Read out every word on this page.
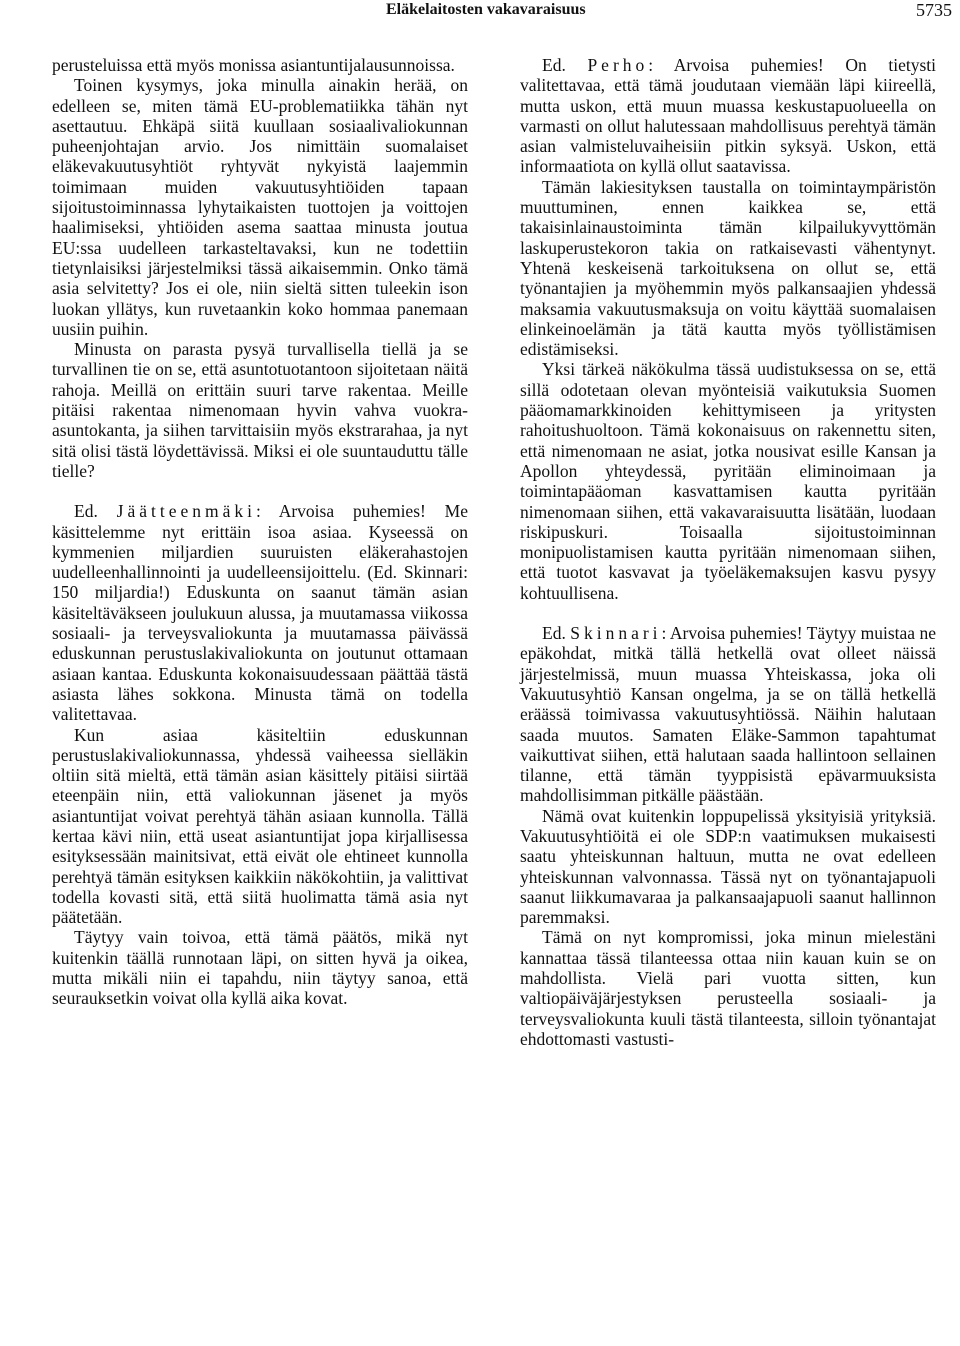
Eläkelaitosten vakavaraisuus	5735

perusteluissa että myös monissa asiantuntijalausunnoissa.

Toinen kysymys, joka minulla ainakin herää, on edelleen se, miten tämä EU-problematiikka tähän nyt asettautuu. Ehkäpä siitä kuullaan sosiaalivaliokunnan puheenjohtajan arvio. Jos nimittäin suomalaiset eläkevakuutusyhtiöt ryhtyvät nykyistä laajemmin toimimaan muiden vakuutusyhtiöiden tapaan sijoitustoiminnassa lyhytaikaisten tuottojen ja voittojen haalimiseksi, yhtiöiden asema saattaa minusta joutua EU:ssa uudelleen tarkasteltavaksi, kun ne todettiin tietynlaisiksi järjestelmiksi tässä aikaisemmin. Onko tämä asia selvitetty? Jos ei ole, niin sieltä sitten tuleekin ison luokan yllätys, kun ruvetaankin koko hommaa panemaan uusiin puihin.

Minusta on parasta pysyä turvallisella tiellä ja se turvallinen tie on se, että asuntotuotantoon sijoitetaan näitä rahoja. Meillä on erittäin suuri tarve rakentaa. Meille pitäisi rakentaa nimenomaan hyvin vahva vuokra-asuntokanta, ja siihen tarvittaisiin myös ekstrarahaa, ja nyt sitä olisi tästä löydettävissä. Miksi ei ole suuntauduttu tälle tielle?

Ed. Jäätteenmäki: Arvoisa puhemies! Me käsittelemme nyt erittäin isoa asiaa. Kyseessä on kymmenien miljardien suuruisten eläkerahastojen uudelleenhallinnointi ja uudelleensijoittelu. (Ed. Skinnari: 150 miljardia!) Eduskunta on saanut tämän asian käsiteltäväkseen joulukuun alussa, ja muutamassa viikossa sosiaali- ja terveysvaliokunta ja muutamassa päivässä eduskunnan perustuslakivaliokunta on joutunut ottamaan asiaan kantaa. Eduskunta kokonaisuudessaan päättää tästä asiasta lähes sokkona. Minusta tämä on todella valitettavaa.

Kun asiaa käsiteltiin eduskunnan perustuslakivaliokunnassa, yhdessä vaiheessa sielläkin oltiin sitä mieltä, että tämän asian käsittely pitäisi siirtää eteenpäin niin, että valiokunnan jäsenet ja myös asiantuntijat voivat perehtyä tähän asiaan kunnolla. Tällä kertaa kävi niin, että useat asiantuntijat jopa kirjallisessa esityksessään mainitsivat, että eivät ole ehtineet kunnolla perehtyä tämän esityksen kaikkiin näkökohtiin, ja valittivat todella kovasti sitä, että siitä huolimatta tämä asia nyt päätetään.

Täytyy vain toivoa, että tämä päätös, mikä nyt kuitenkin täällä runnotaan läpi, on sitten hyvä ja oikea, mutta mikäli niin ei tapahdu, niin täytyy sanoa, että seurauksetkin voivat olla kyllä aika kovat.

Ed. Perho: Arvoisa puhemies! On tietysti valitettavaa, että tämä joudutaan viemään läpi kiireellä, mutta uskon, että muun muassa keskustapuolueella on varmasti on ollut halutessaan mahdollisuus perehtyä tämän asian valmisteluvaiheisiin pitkin syksyä. Uskon, että informaatiota on kyllä ollut saatavissa.

Tämän lakiesityksen taustalla on toimintaympäristön muuttuminen, ennen kaikkea se, että takaisinlainaustoiminta tämän kilpailukyvyttömän laskuperustekoron takia on ratkaisevasti vähentynyt. Yhtenä keskeisenä tarkoituksena on ollut se, että työnantajien ja myöhemmin myös palkansaajien yhdessä maksamia vakuutusmaksuja on voitu käyttää suomalaisen elinkeinoelämän ja tätä kautta myös työllistämisen edistämiseksi.

Yksi tärkeä näkökulma tässä uudistuksessa on se, että sillä odotetaan olevan myönteisiä vaikutuksia Suomen pääomamarkkinoiden kehittymiseen ja yritysten rahoitushuoltoon. Tämä kokonaisuus on rakennettu siten, että nimenomaan ne asiat, jotka nousivat esille Kansan ja Apollon yhteydessä, pyritään eliminoimaan ja toimintapääoman kasvattamisen kautta pyritään nimenomaan siihen, että vakavaraisuutta lisätään, luodaan riskipuskuri. Toisaalla sijoitustoiminnan monipuolistamisen kautta pyritään nimenomaan siihen, että tuotot kasvavat ja työeläkemaksujen kasvu pysyy kohtuullisena.

Ed. Skinnari: Arvoisa puhemies! Täytyy muistaa ne epäkohdat, mitkä tällä hetkellä ovat olleet näissä järjestelmissä, muun muassa Yhteiskassa, joka oli Vakuutusyhtiö Kansan ongelma, ja se on tällä hetkellä eräässä toimivassa vakuutusyhtiössä. Näihin halutaan saada muutos. Samaten Eläke-Sammon tapahtumat vaikuttivat siihen, että halutaan saada hallintoon sellainen tilanne, että tämän tyyppisistä epävarmuuksista mahdollisimman pitkälle päästään.

Nämä ovat kuitenkin loppupelissä yksityisiä yrityksiä. Vakuutusyhtiöitä ei ole SDP:n vaatimuksen mukaisesti saatu yhteiskunnan haltuun, mutta ne ovat edelleen yhteiskunnan valvonnassa. Tässä nyt on työnantajapuoli saanut liikkumavaraa ja palkansaajapuoli saanut hallinnon paremmaksi.

Tämä on nyt kompromissi, joka minun mielestäni kannattaa tässä tilanteessa ottaa niin kauan kuin se on mahdollista. Vielä pari vuotta sitten, kun valtiopäiväjärjestyksen perusteella sosiaali- ja terveysvaliokunta kuuli tästä tilanteesta, silloin työnantajat ehdottomasti vastusti-
